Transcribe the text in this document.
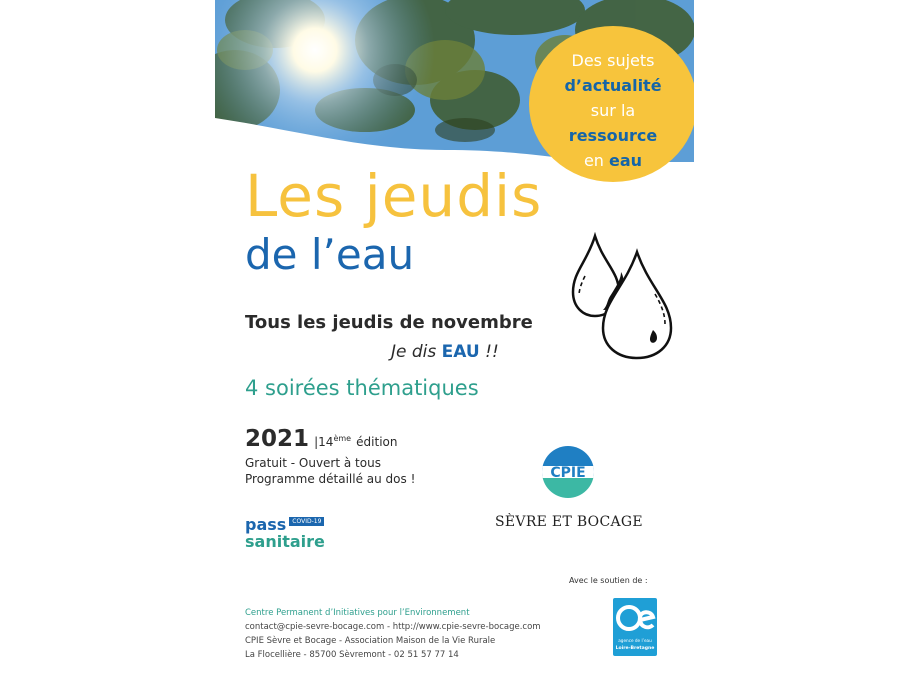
Des sujets
d’actualité
sur la
ressource
en eau
Les jeudis
de l’eau
Tous les jeudis de novembre
Je dis EAU !!
4 soirées thématiques
2021 |14ème édition
Gratuit - Ouvert à tous
Programme détaillé au dos !
pass COVID-19
sanitaire
CPIE
SÈVRE ET BOCAGE
Avec le soutien de :
Centre Permanent d’Initiatives pour l’Environnement
contact@cpie-sevre-bocage.com - http://www.cpie-sevre-bocage.com
CPIE Sèvre et Bocage - Association Maison de la Vie Rurale
La Flocellière - 85700 Sèvremont - 02 51 57 77 14
agence de l’eau
Loire-Bretagne
